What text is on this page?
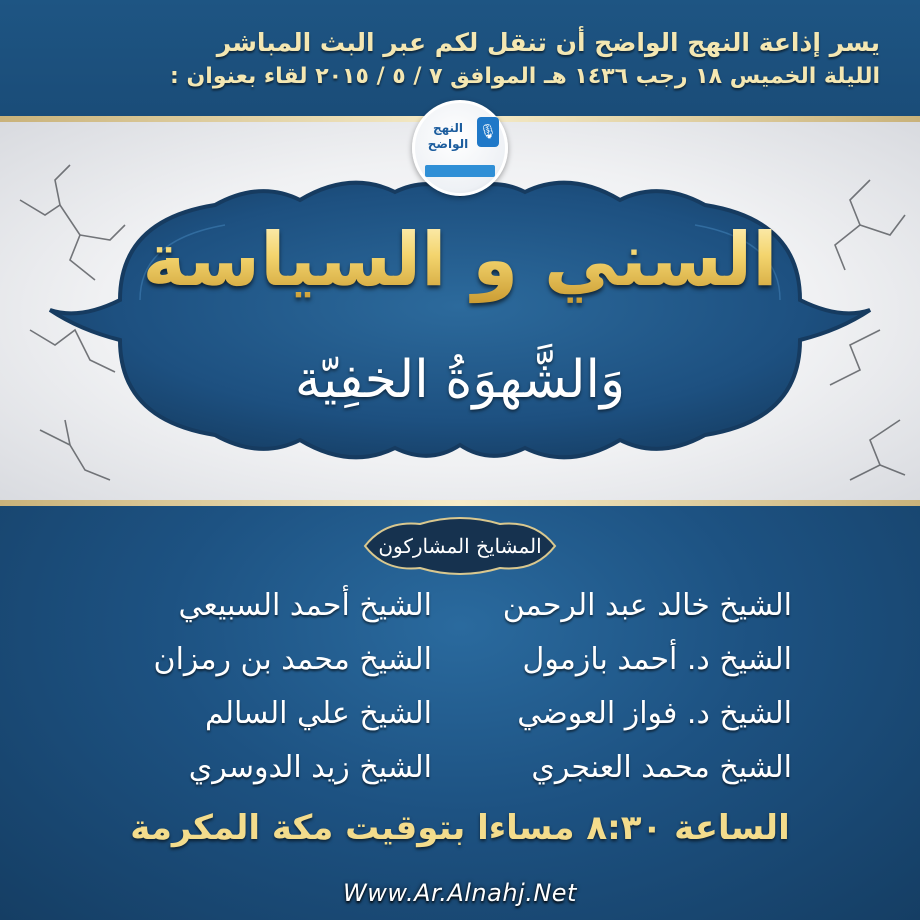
يسر إذاعة النهج الواضح أن تنقل لكم عبر البث المباشر
الليلة الخميس ١٨ رجب ١٤٣٦ هـ الموافق ٧ / ٥ / ٢٠١٥ لقاء بعنوان :
النهج الواضح
🎙
السني و السياسة
وَالشَّهوَةُ الخفِيّة
المشايخ المشاركون
الشيخ خالد عبد الرحمن
الشيخ د. أحمد بازمول
الشيخ د. فواز العوضي
الشيخ محمد العنجري
الشيخ أحمد السبيعي
الشيخ محمد بن رمزان
الشيخ علي السالم
الشيخ زيد الدوسري
الساعة ٨:٣٠ مساءا بتوقيت مكة المكرمة
Www.Ar.Alnahj.Net
